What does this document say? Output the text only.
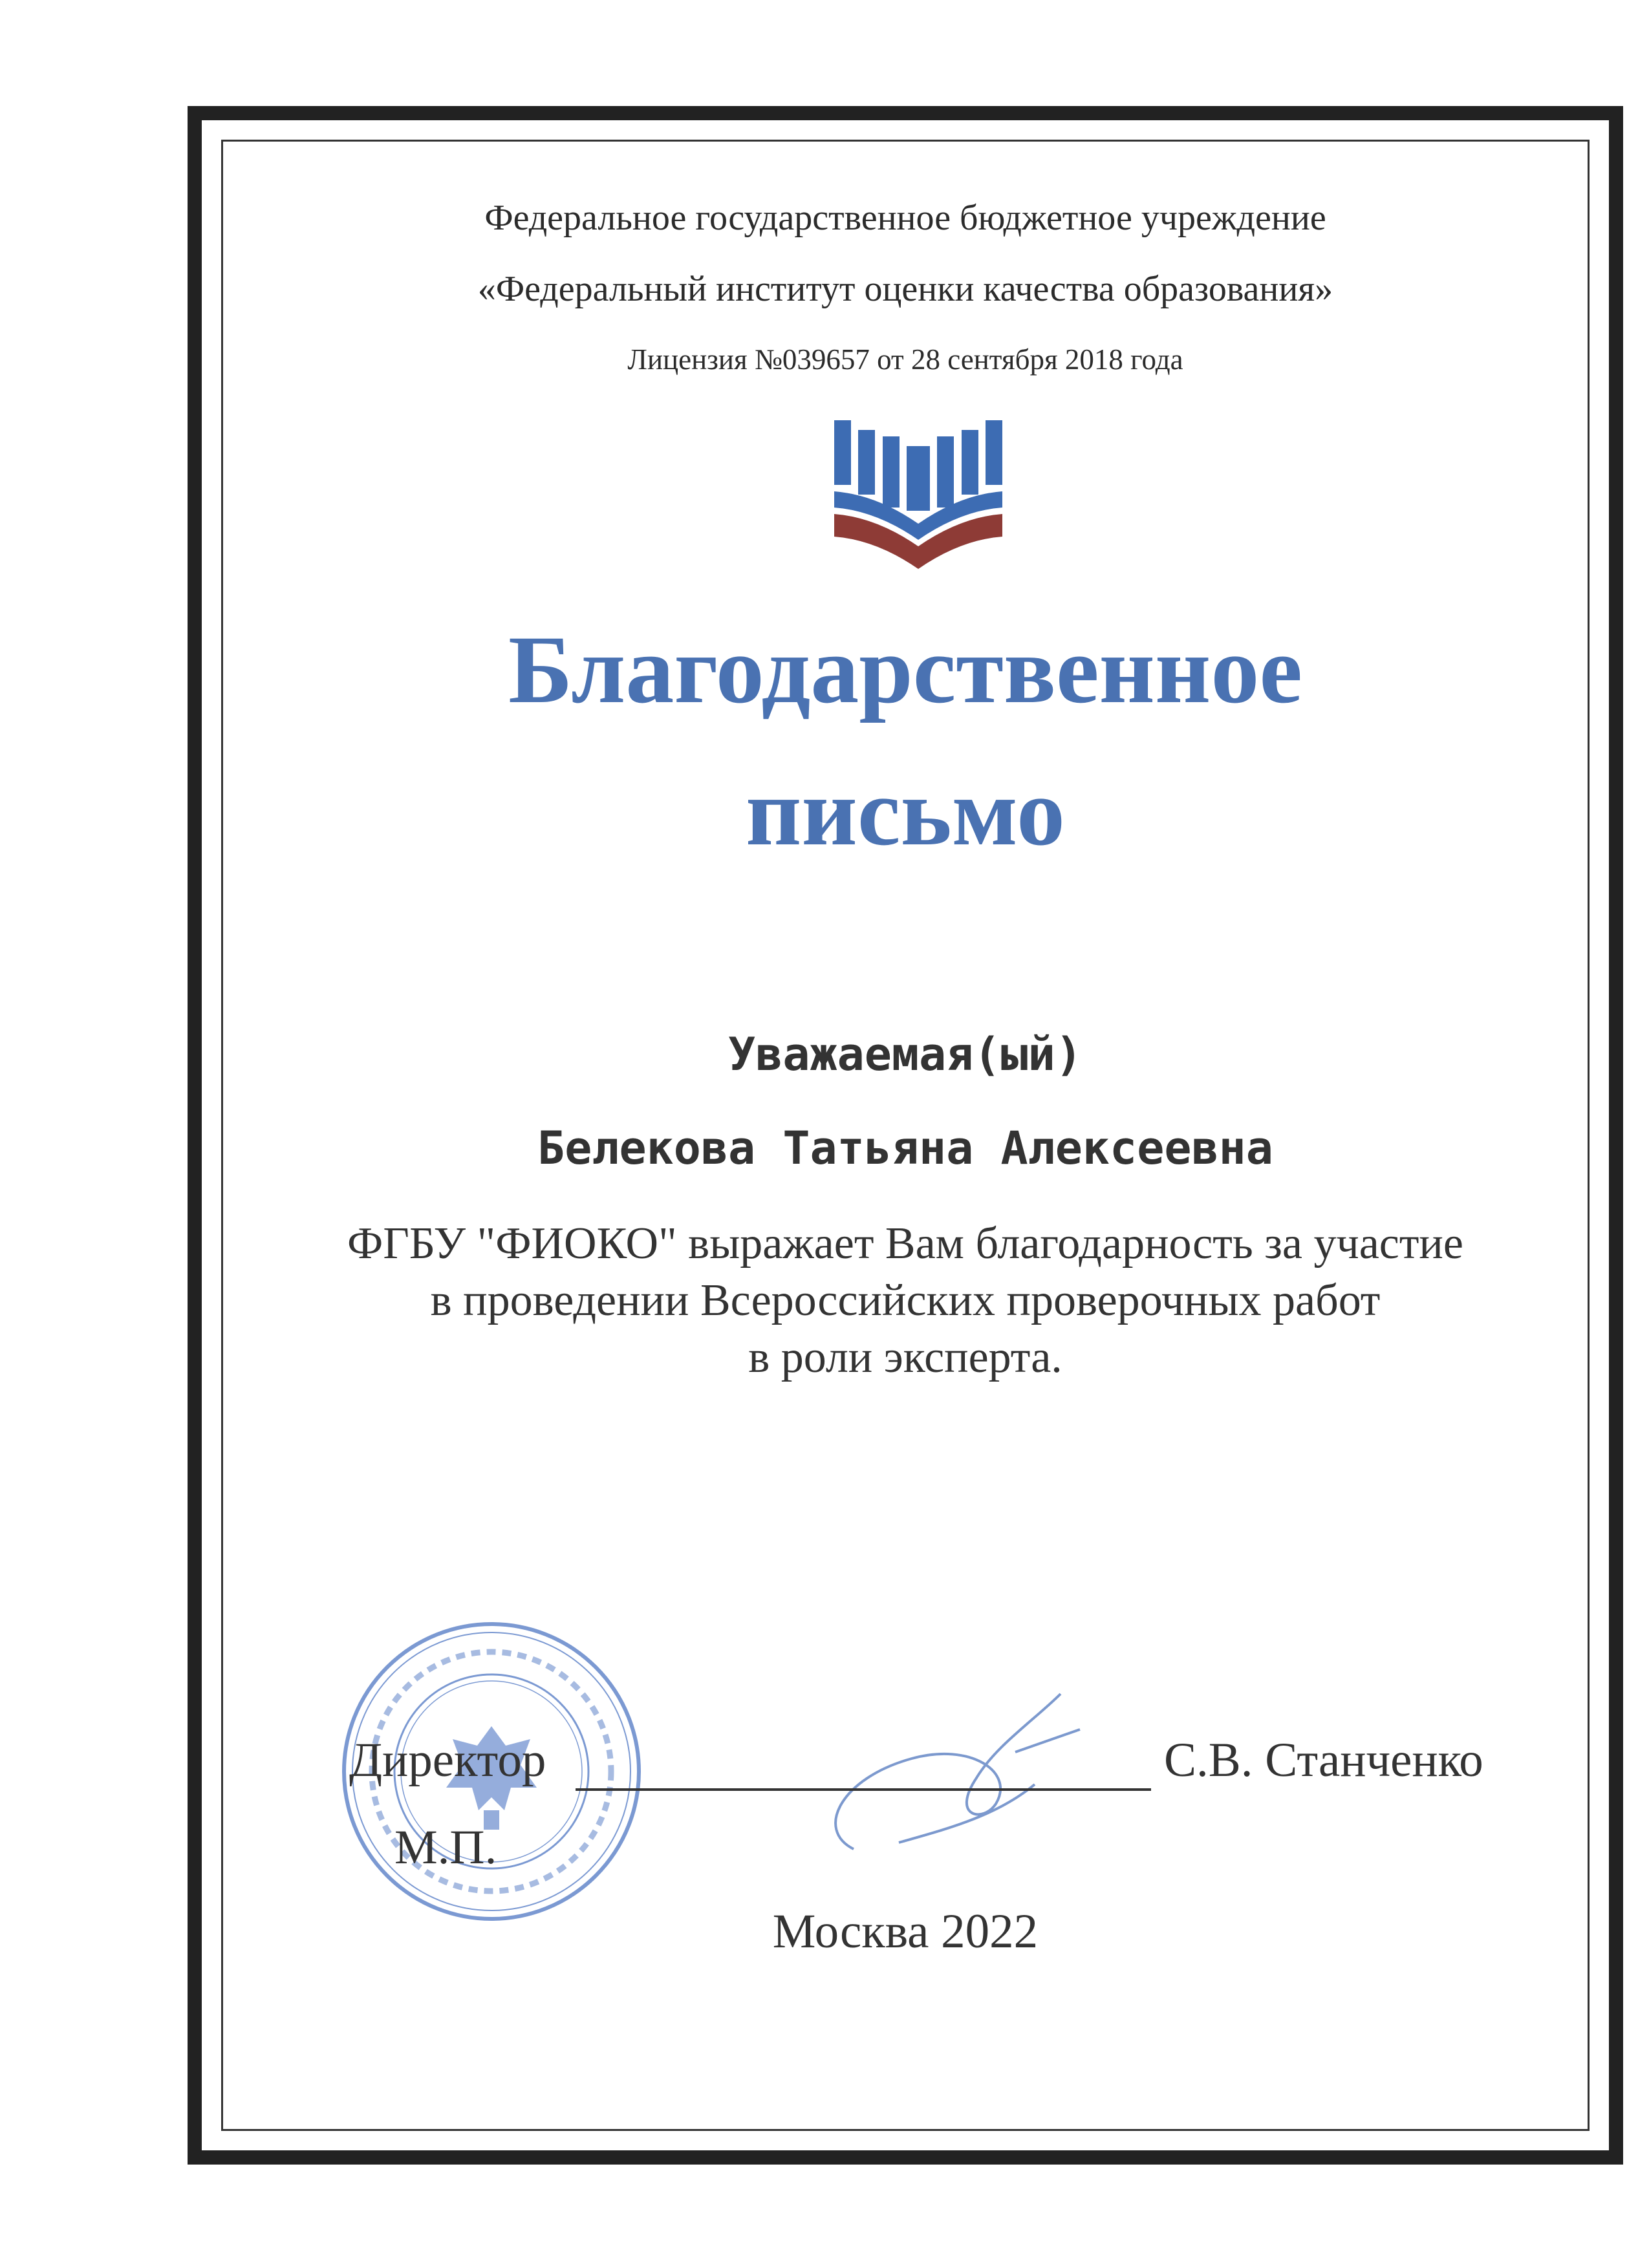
Федеральное государственное бюджетное учреждение
«Федеральный институт оценки качества образования»
Лицензия №039657 от 28 сентября 2018 года
Благодарственное
письмо
Уважаемая(ый)
Белекова Татьяна Алексеевна
ФГБУ "ФИОКО" выражает Вам благодарность за участие
в проведении Всероссийских проверочных работ
в роли эксперта.
Директор	С.В. Станченко
М.П.
Москва 2022
